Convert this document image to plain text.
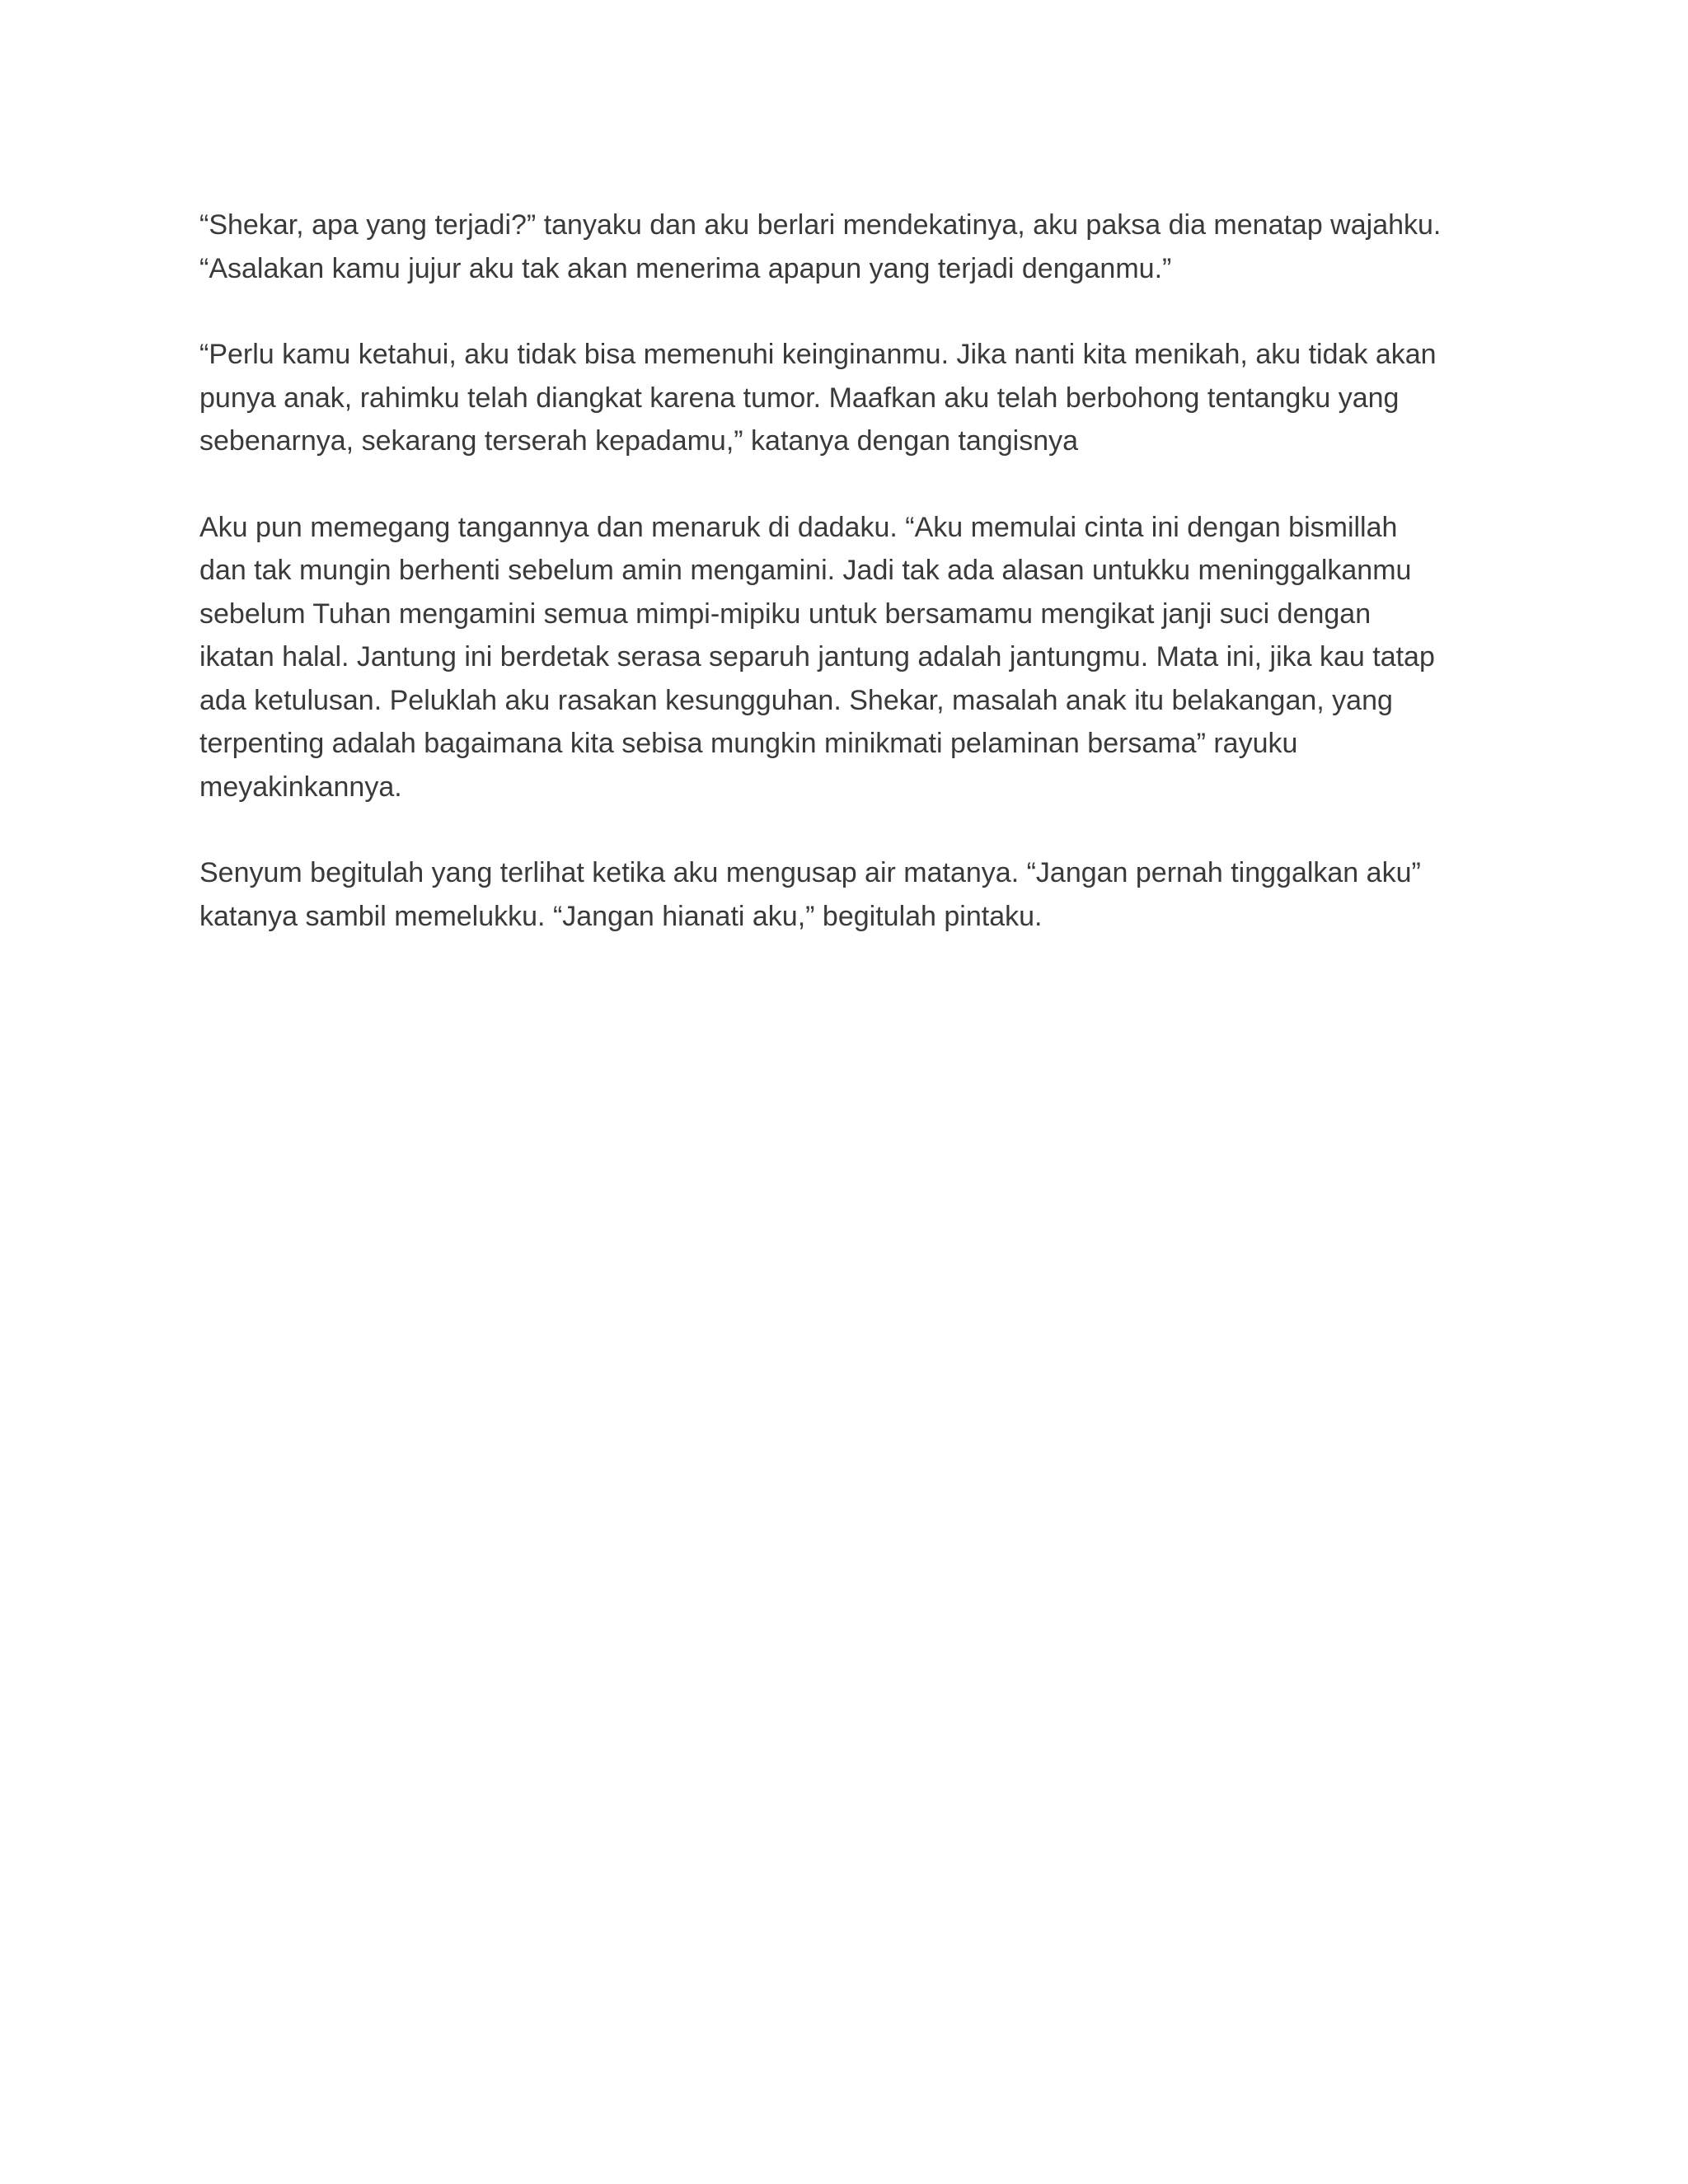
“Shekar, apa yang terjadi?” tanyaku dan aku berlari mendekatinya, aku paksa dia menatap wajahku.
“Asalakan kamu jujur aku tak akan menerima apapun yang terjadi denganmu.”

“Perlu kamu ketahui, aku tidak bisa memenuhi keinginanmu. Jika nanti kita menikah, aku tidak akan
punya anak, rahimku telah diangkat karena tumor. Maafkan aku telah berbohong tentangku yang
sebenarnya, sekarang terserah kepadamu,” katanya dengan tangisnya

Aku pun memegang tangannya dan menaruk di dadaku. “Aku memulai cinta ini dengan bismillah
dan tak mungin berhenti sebelum amin mengamini. Jadi tak ada alasan untukku meninggalkanmu
sebelum Tuhan mengamini semua mimpi-mipiku untuk bersamamu mengikat janji suci dengan
ikatan halal. Jantung ini berdetak serasa separuh jantung adalah jantungmu. Mata ini, jika kau tatap
ada ketulusan. Peluklah aku rasakan kesungguhan. Shekar, masalah anak itu belakangan, yang
terpenting adalah bagaimana kita sebisa mungkin minikmati pelaminan bersama” rayuku
meyakinkannya.

Senyum begitulah yang terlihat ketika aku mengusap air matanya. “Jangan pernah tinggalkan aku”
katanya sambil memelukku. “Jangan hianati aku,” begitulah pintaku.
